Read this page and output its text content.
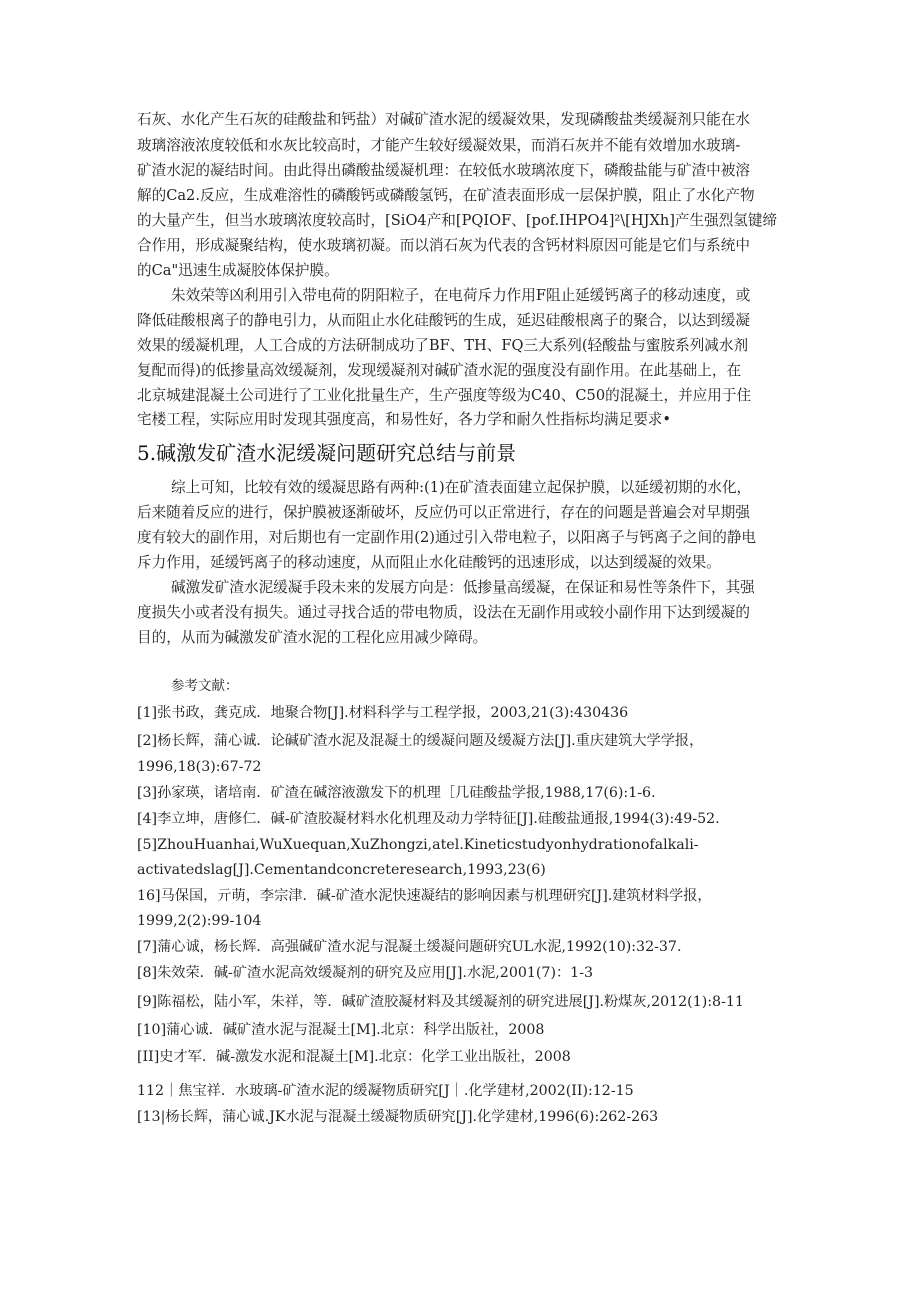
石灰、水化产生石灰的硅酸盐和钙盐）对碱矿渣水泥的缓凝效果，发现磷酸盐类缓凝剂只能在水
玻璃溶液浓度较低和水灰比较高时，才能产生较好缓凝效果，而消石灰并不能有效增加水玻璃-
矿渣水泥的凝结时间。由此得出磷酸盐缓凝机理：在较低水玻璃浓度下，磷酸盐能与矿渣中被溶
解的Ca2.反应，生成难溶性的磷酸钙或磷酸氢钙，在矿渣表面形成一层保护膜，阻止了水化产物
的大量产生，但当水玻璃浓度较高时，[SiO4产和[PQIOF、[pof.IHPO4]²\[HJXh]产生强烈氢键缔
合作用，形成凝聚结构，使水玻璃初凝。而以消石灰为代表的含钙材料原因可能是它们与系统中
的Ca"迅速生成凝胶体保护膜。
朱效荣等凶利用引入带电荷的阴阳粒子，在电荷斥力作用F阻止延缓钙离子的移动速度，或
降低硅酸根离子的静电引力，从而阻止水化硅酸钙的生成，延迟硅酸根离子的聚合，以达到缓凝
效果的缓凝机理，人工合成的方法研制成功了BF、TH、FQ三大系列(轻酸盐与蜜胺系列减水剂
复配而得)的低掺量高效缓凝剂，发现缓凝剂对碱矿渣水泥的强度没有副作用。在此基础上，在
北京城建混凝土公司进行了工业化批量生产，生产强度等级为C40、C50的混凝土，并应用于住
宅楼工程，实际应用时发现其强度高，和易性好，各力学和耐久性指标均满足要求•
5.碱激发矿渣水泥缓凝问题研究总结与前景
综上可知，比较有效的缓凝思路有两种:(1)在矿渣表面建立起保护膜，以延缓初期的水化，
后来随着反应的进行，保护膜被逐渐破坏，反应仍可以正常进行，存在的问题是普遍会对早期强
度有较大的副作用，对后期也有一定副作用(2)通过引入带电粒子，以阳离子与钙离子之间的静电
斥力作用，延缓钙离子的移动速度，从而阻止水化硅酸钙的迅速形成，以达到缓凝的效果。
碱激发矿渣水泥缓凝手段未来的发展方向是：低掺量高缓凝，在保证和易性等条件下，其强
度损失小或者没有损失。通过寻找合适的带电物质，设法在无副作用或较小副作用下达到缓凝的
目的，从而为碱激发矿渣水泥的工程化应用减少障碍。
参考文献：
[1]张书政，龚克成．地聚合物[J].材料科学与工程学报，2003,21(3):430436
[2]杨长辉，蒲心诚．论碱矿渣水泥及混凝土的缓凝问题及缓凝方法[J].重庆建筑大学学报，
1996,18(3):67-72
[3]孙家瑛，诸培南．矿渣在碱溶液激发下的机理［几硅酸盐学报,1988,17(6):1-6.
[4]李立坤，唐修仁．碱-矿渣胶凝材料水化机理及动力学特征[J].硅酸盐通报,1994(3):49-52.
[5]ZhouHuanhai,WuXuequan,XuZhongzi,atel.Kineticstudyonhydrationofalkali-
activatedslag[J].Cementandconcreteresearch,1993,23(6)
16]马保国，亓萌，李宗津．碱-矿渣水泥快速凝结的影响因素与机理研究[J].建筑材料学报，
1999,2(2):99-104
[7]蒲心诚，杨长辉．高强碱矿渣水泥与混凝土缓凝问题研究UL水泥,1992(10):32-37.
[8]朱效荣．碱-矿渣水泥高效缓凝剂的研究及应用[J].水泥,2001(7)：1-3
[9]陈福松，陆小军，朱祥，等．碱矿渣胶凝材料及其缓凝剂的研究进展[J].粉煤灰,2012(1):8-11
[10]蒲心诚．碱矿渣水泥与混凝土[M].北京：科学出版社，2008
[II]史才军．碱-激发水泥和混凝土[M].北京：化学工业出版社，2008
112｜焦宝祥．水玻璃-矿渣水泥的缓凝物质研究[J｜.化学建材,2002(II):12-15
[13|杨长辉，蒲心诚.JK水泥与混凝土缓凝物质研究[J].化学建材,1996(6):262-263
